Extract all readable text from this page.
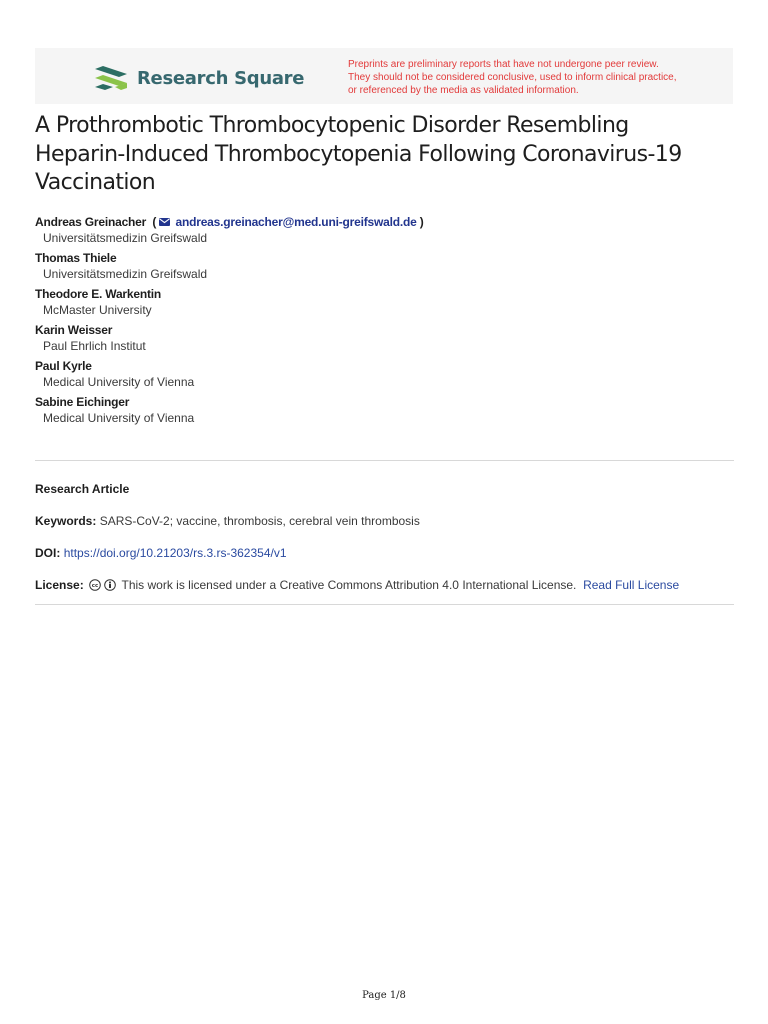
Research Square
Preprints are preliminary reports that have not undergone peer review.
They should not be considered conclusive, used to inform clinical practice,
or referenced by the media as validated information.
A Prothrombotic Thrombocytopenic Disorder Resembling
Heparin-Induced Thrombocytopenia Following Coronavirus-19
Vaccination
Andreas Greinacher  ( andreas.greinacher@med.uni-greifswald.de )
Universitätsmedizin Greifswald
Thomas Thiele
Universitätsmedizin Greifswald
Theodore E. Warkentin
McMaster University
Karin Weisser
Paul Ehrlich Institut
Paul Kyrle
Medical University of Vienna
Sabine Eichinger
Medical University of Vienna
Research Article
Keywords: SARS-CoV-2; vaccine, thrombosis, cerebral vein thrombosis
DOI: https://doi.org/10.21203/rs.3.rs-362354/v1
License: cc This work is licensed under a Creative Commons Attribution 4.0 International License. Read Full License
Page 1/8
